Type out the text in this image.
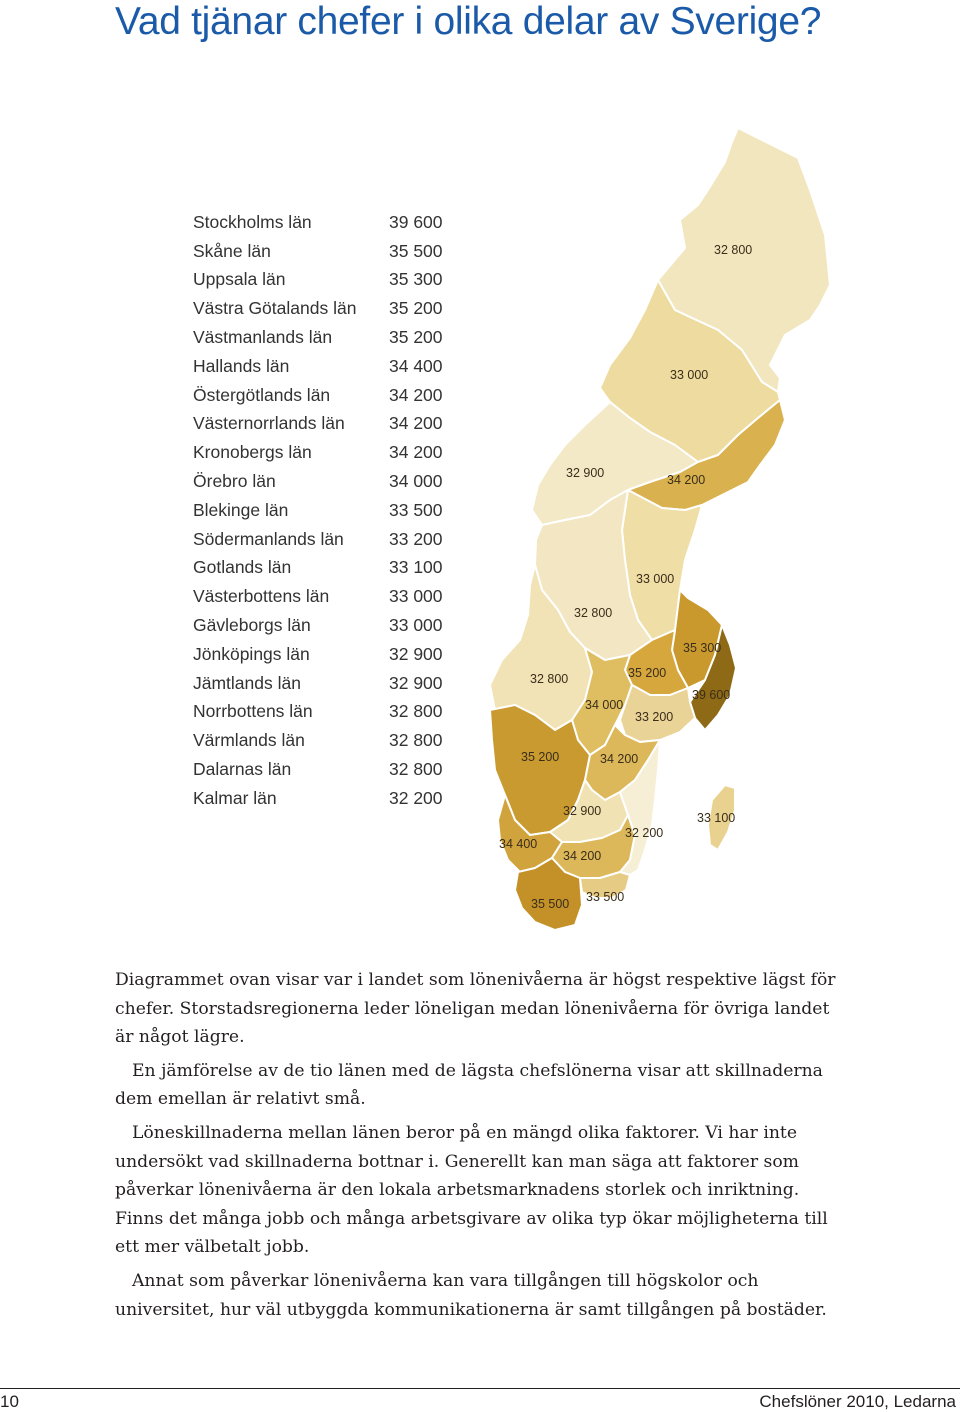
Vad tjänar chefer i olika delar av Sverige?
Stockholms län	39 600
Skåne län	35 500
Uppsala län	35 300
Västra Götalands län	35 200
Västmanlands län	35 200
Hallands län	34 400
Östergötlands län	34 200
Västernorrlands län	34 200
Kronobergs län	34 200
Örebro län	34 000
Blekinge län	33 500
Södermanlands län	33 200
Gotlands län	33 100
Västerbottens län	33 000
Gävleborgs län	33 000
Jönköpings län	32 900
Jämtlands län	32 900
Norrbottens län	32 800
Värmlands län	32 800
Dalarnas län	32 800
Kalmar län	32 200
32 800
33 000
32 900	34 200
33 000
32 800
35 300
39 600
35 200
32 800
34 000
33 200
35 200	34 200
32 900
34 400
34 200
32 200
33 100
35 500 33 500

Diagrammet ovan visar var i landet som lönenivåerna är högst respektive lägst för chefer. Storstadsregionerna leder löneligan medan lönenivåerna för övriga landet är något lägre.

En jämförelse av de tio länen med de lägsta chefslönerna visar att skillnaderna dem emellan är relativt små.

Löneskillnaderna mellan länen beror på en mängd olika faktorer. Vi har inte undersökt vad skillnaderna bottnar i. Generellt kan man säga att faktorer som påverkar lönenivåerna är den lokala arbetsmarknadens storlek och inriktning. Finns det många jobb och många arbetsgivare av olika typ ökar möjligheterna till ett mer välbetalt jobb.

Annat som påverkar lönenivåerna kan vara tillgången till högskolor och universitet, hur väl utbyggda kommunikationerna är samt tillgången på bostäder.

10	Chefslöner 2010, Ledarna
